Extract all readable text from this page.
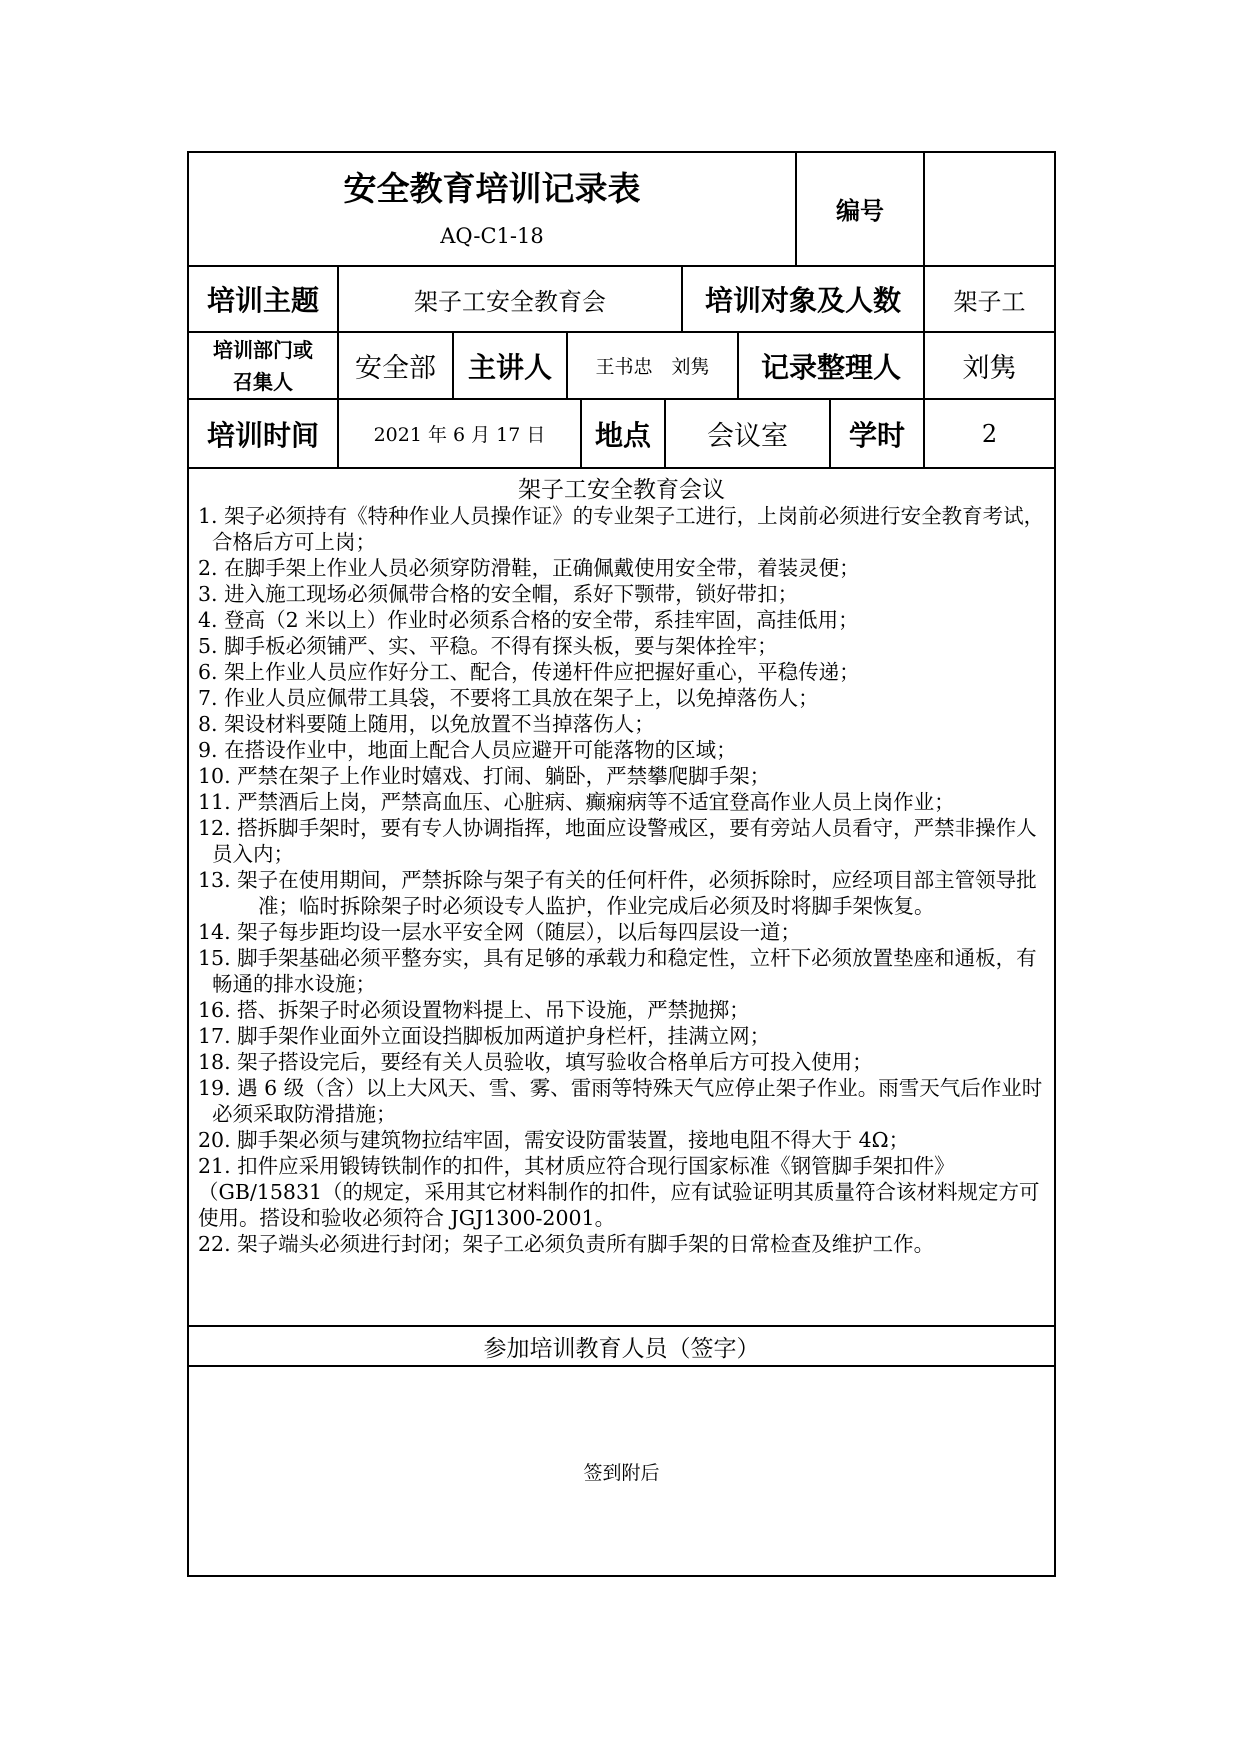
安全教育培训记录表
AQ-C1-18
编号
培训主题	架子工安全教育会	培训对象及人数	架子工
培训部门或
召集人	安全部	主讲人	王书忠　刘隽	记录整理人	刘隽
培训时间	2021 年 6 月 17 日	地点	会议室	学时	2
架子工安全教育会议
1. 架子必须持有《特种作业人员操作证》的专业架子工进行，上岗前必须进行安全教育考试，合格后方可上岗；
2. 在脚手架上作业人员必须穿防滑鞋，正确佩戴使用安全带，着装灵便；
3. 进入施工现场必须佩带合格的安全帽，系好下颚带，锁好带扣；
4. 登高（2 米以上）作业时必须系合格的安全带，系挂牢固，高挂低用；
5. 脚手板必须铺严、实、平稳。不得有探头板，要与架体拴牢；
6. 架上作业人员应作好分工、配合，传递杆件应把握好重心，平稳传递；
7. 作业人员应佩带工具袋，不要将工具放在架子上，以免掉落伤人；
8. 架设材料要随上随用，以免放置不当掉落伤人；
9. 在搭设作业中，地面上配合人员应避开可能落物的区域；
10. 严禁在架子上作业时嬉戏、打闹、躺卧，严禁攀爬脚手架；
11. 严禁酒后上岗，严禁高血压、心脏病、癫痫病等不适宜登高作业人员上岗作业；
12. 搭拆脚手架时，要有专人协调指挥，地面应设警戒区，要有旁站人员看守，严禁非操作人员入内；
13. 架子在使用期间，严禁拆除与架子有关的任何杆件，必须拆除时，应经项目部主管领导批准；临时拆除架子时必须设专人监护，作业完成后必须及时将脚手架恢复。
14. 架子每步距均设一层水平安全网（随层），以后每四层设一道；
15. 脚手架基础必须平整夯实，具有足够的承载力和稳定性，立杆下必须放置垫座和通板，有畅通的排水设施；
16. 搭、拆架子时必须设置物料提上、吊下设施，严禁抛掷；
17. 脚手架作业面外立面设挡脚板加两道护身栏杆，挂满立网；
18. 架子搭设完后，要经有关人员验收，填写验收合格单后方可投入使用；
19. 遇 6 级（含）以上大风天、雪、雾、雷雨等特殊天气应停止架子作业。雨雪天气后作业时必须采取防滑措施；
20. 脚手架必须与建筑物拉结牢固，需安设防雷装置，接地电阻不得大于 4Ω；
21. 扣件应采用锻铸铁制作的扣件，其材质应符合现行国家标准《钢管脚手架扣件》（GB/15831（的规定，采用其它材料制作的扣件，应有试验证明其质量符合该材料规定方可使用。搭设和验收必须符合 JGJ1300-2001。
22. 架子端头必须进行封闭；架子工必须负责所有脚手架的日常检查及维护工作。
参加培训教育人员（签字）
签到附后
